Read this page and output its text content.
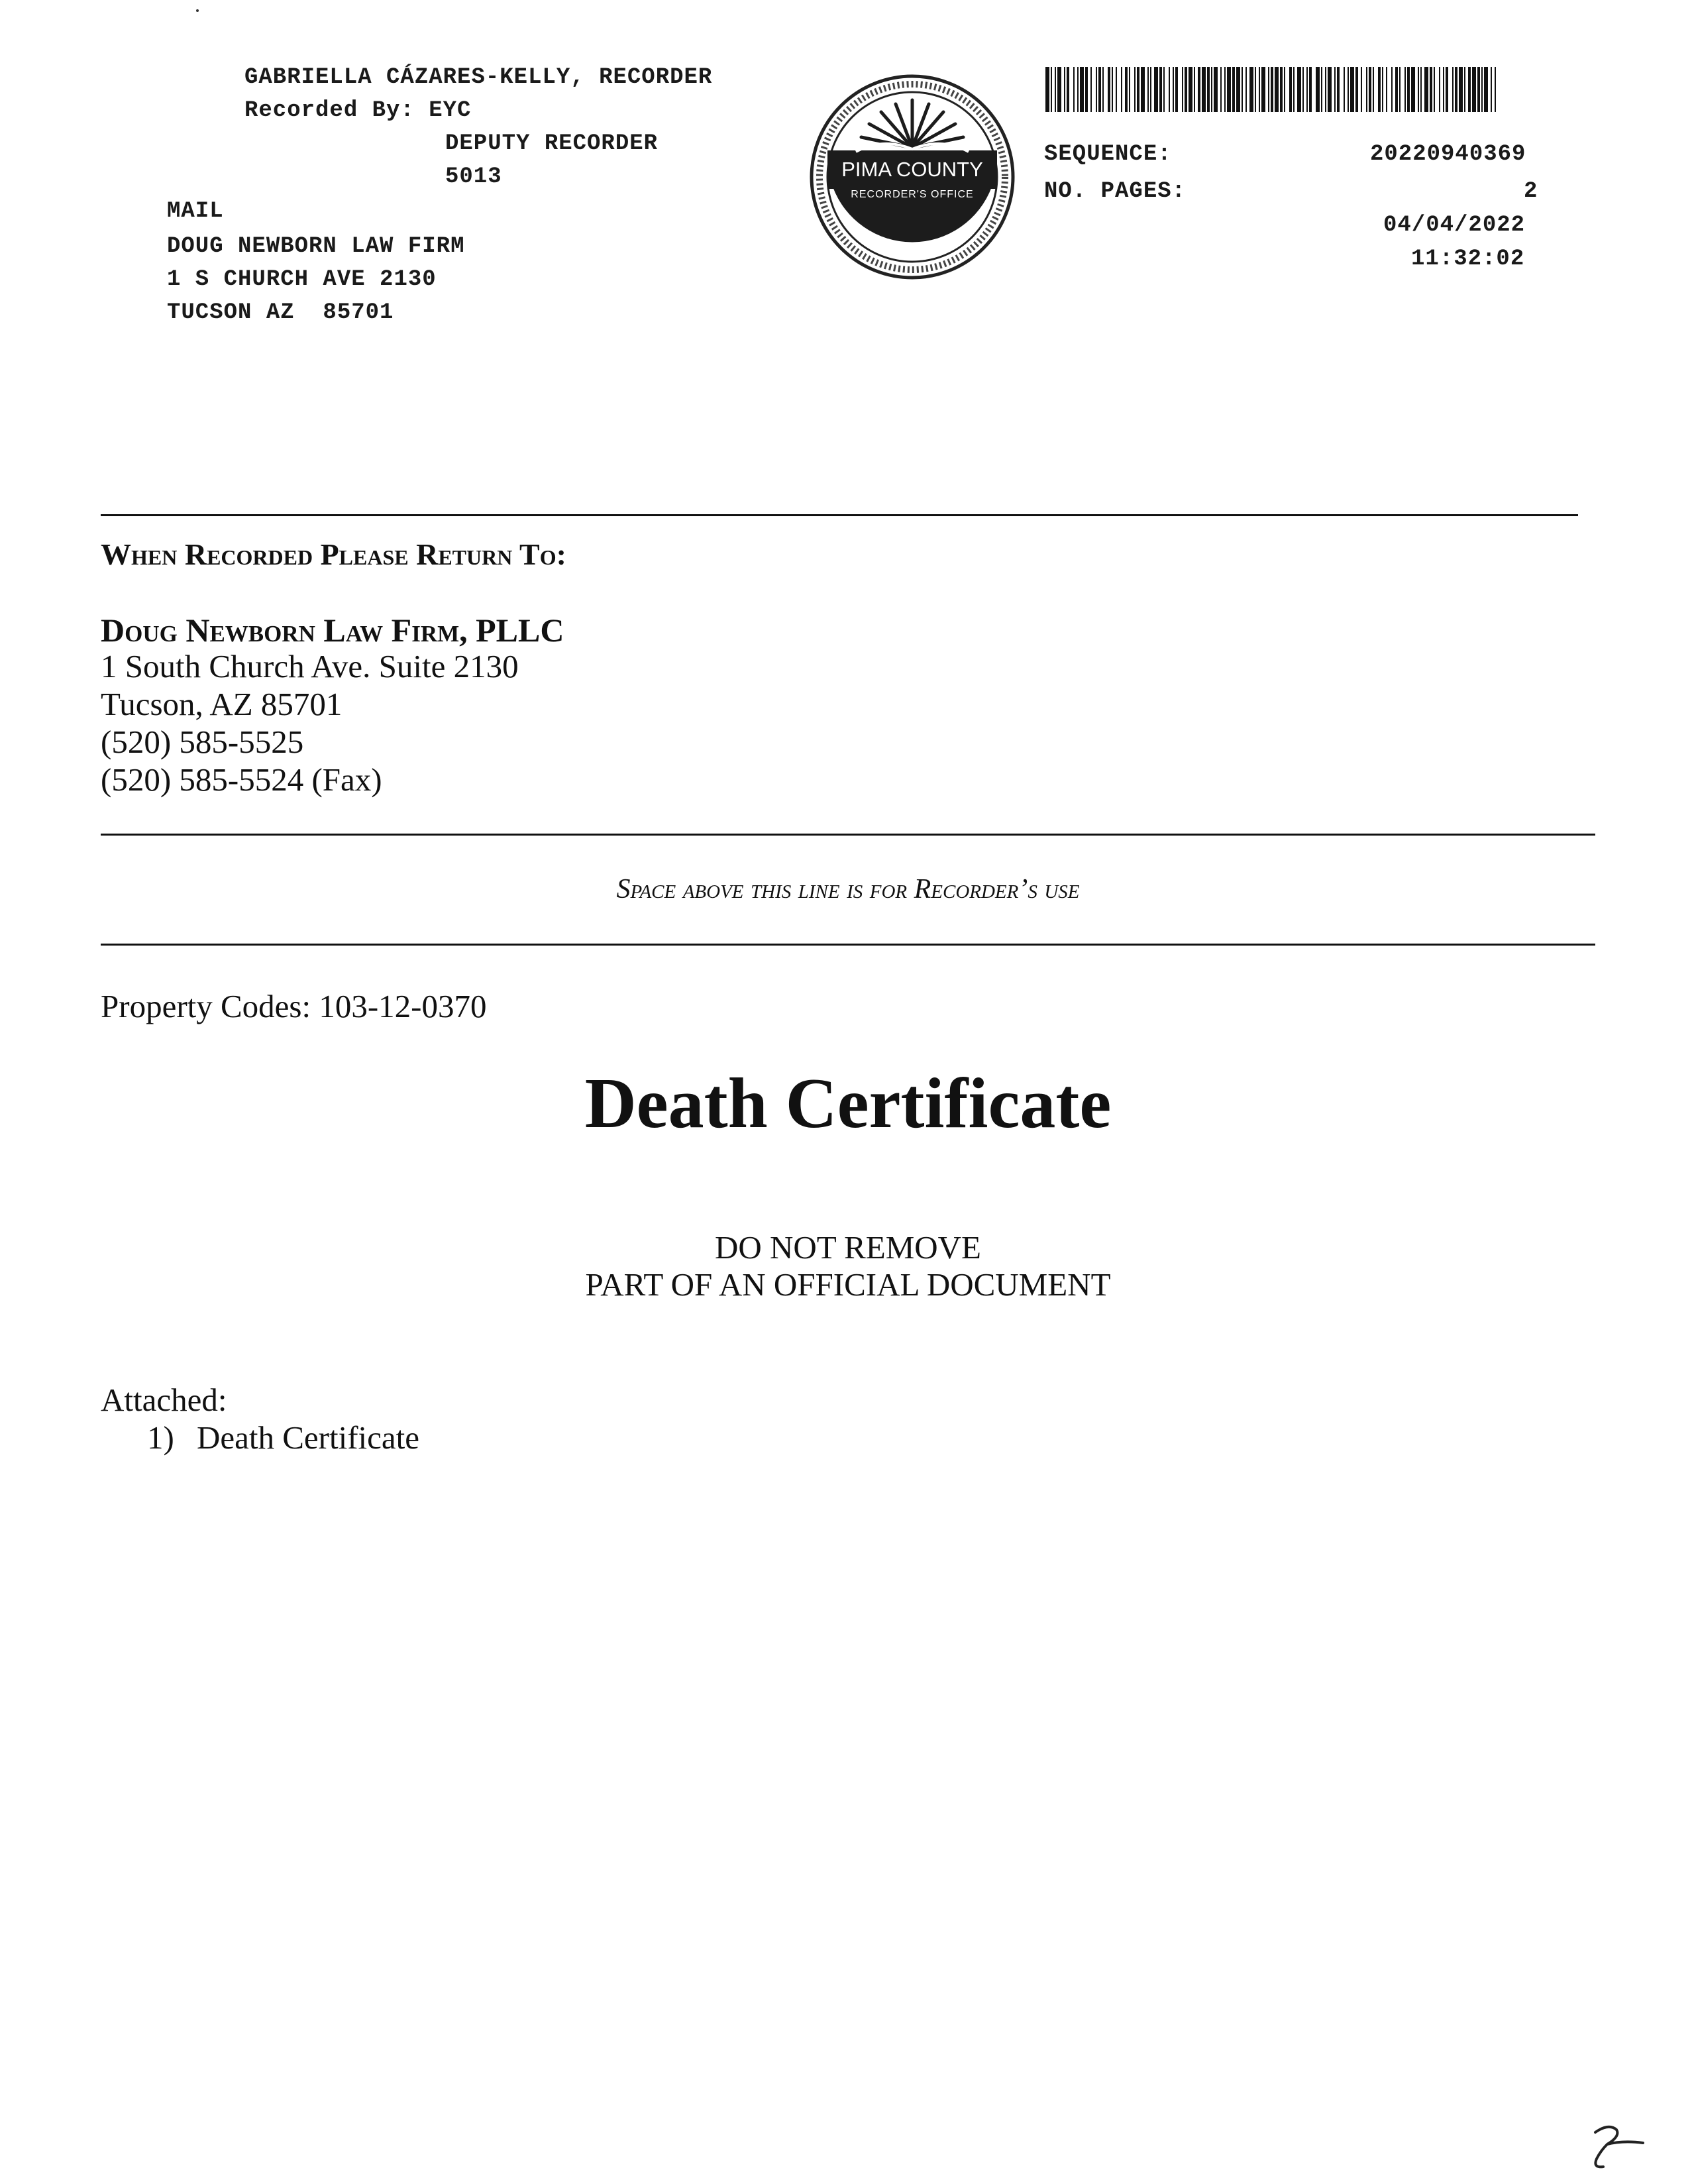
GABRIELLA CÁZARES-KELLY, RECORDER
Recorded By: EYC
DEPUTY RECORDER
5013
MAIL
DOUG NEWBORN LAW FIRM
1 S CHURCH AVE 2130
TUCSON AZ  85701
PIMA COUNTY
RECORDER'S OFFICE
SEQUENCE:	20220940369
NO. PAGES:	2
04/04/2022
11:32:02
When Recorded Please Return To:
Doug Newborn Law Firm, PLLC
1 South Church Ave. Suite 2130
Tucson, AZ 85701
(520) 585-5525
(520) 585-5524 (Fax)
Space above this line is for Recorder’s use
Property Codes: 103-12-0370
Death Certificate
DO NOT REMOVE
PART OF AN OFFICIAL DOCUMENT
Attached:
1) Death Certificate
